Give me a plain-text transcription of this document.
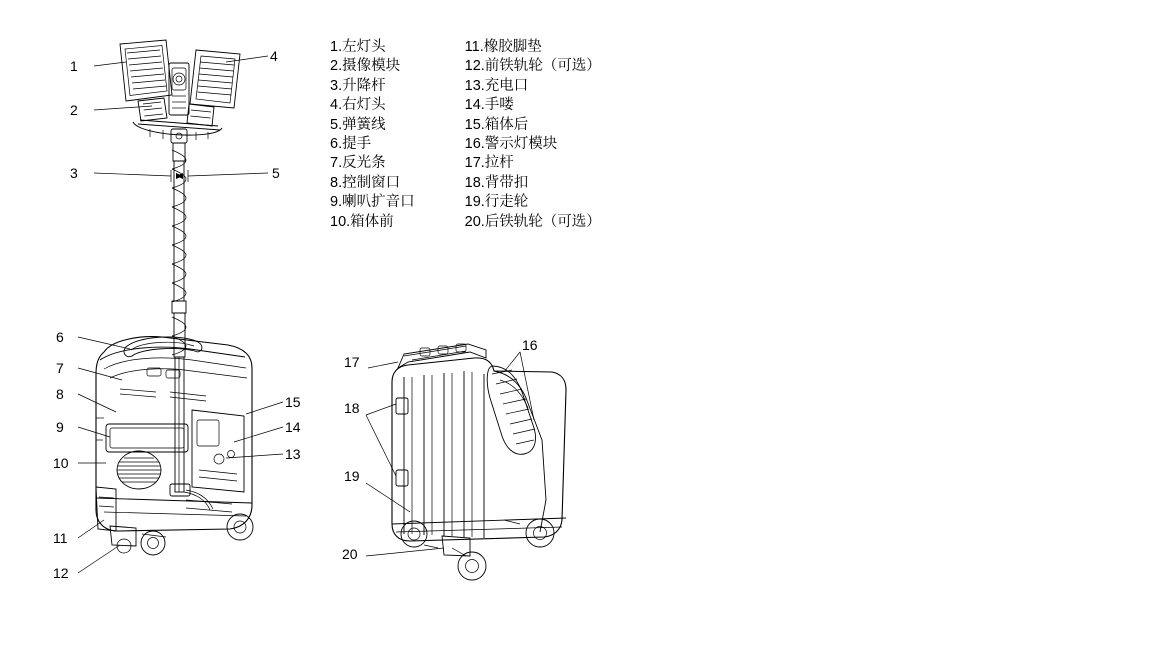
1.左灯头
2.摄像模块
3.升降杆
4.右灯头
5.弹簧线
6.提手
7.反光条
8.控制窗口
9.喇叭扩音口
10.箱体前
11.橡胶脚垫
12.前铁轨轮（可选）
13.充电口
14.手喽
15.箱体后
16.警示灯模块
17.拉杆
18.背带扣
19.行走轮
20.后铁轨轮（可选）
1
2
3
4
5
6
7
8
9
10
11
12
13
14
15
16
17
18
19
20
